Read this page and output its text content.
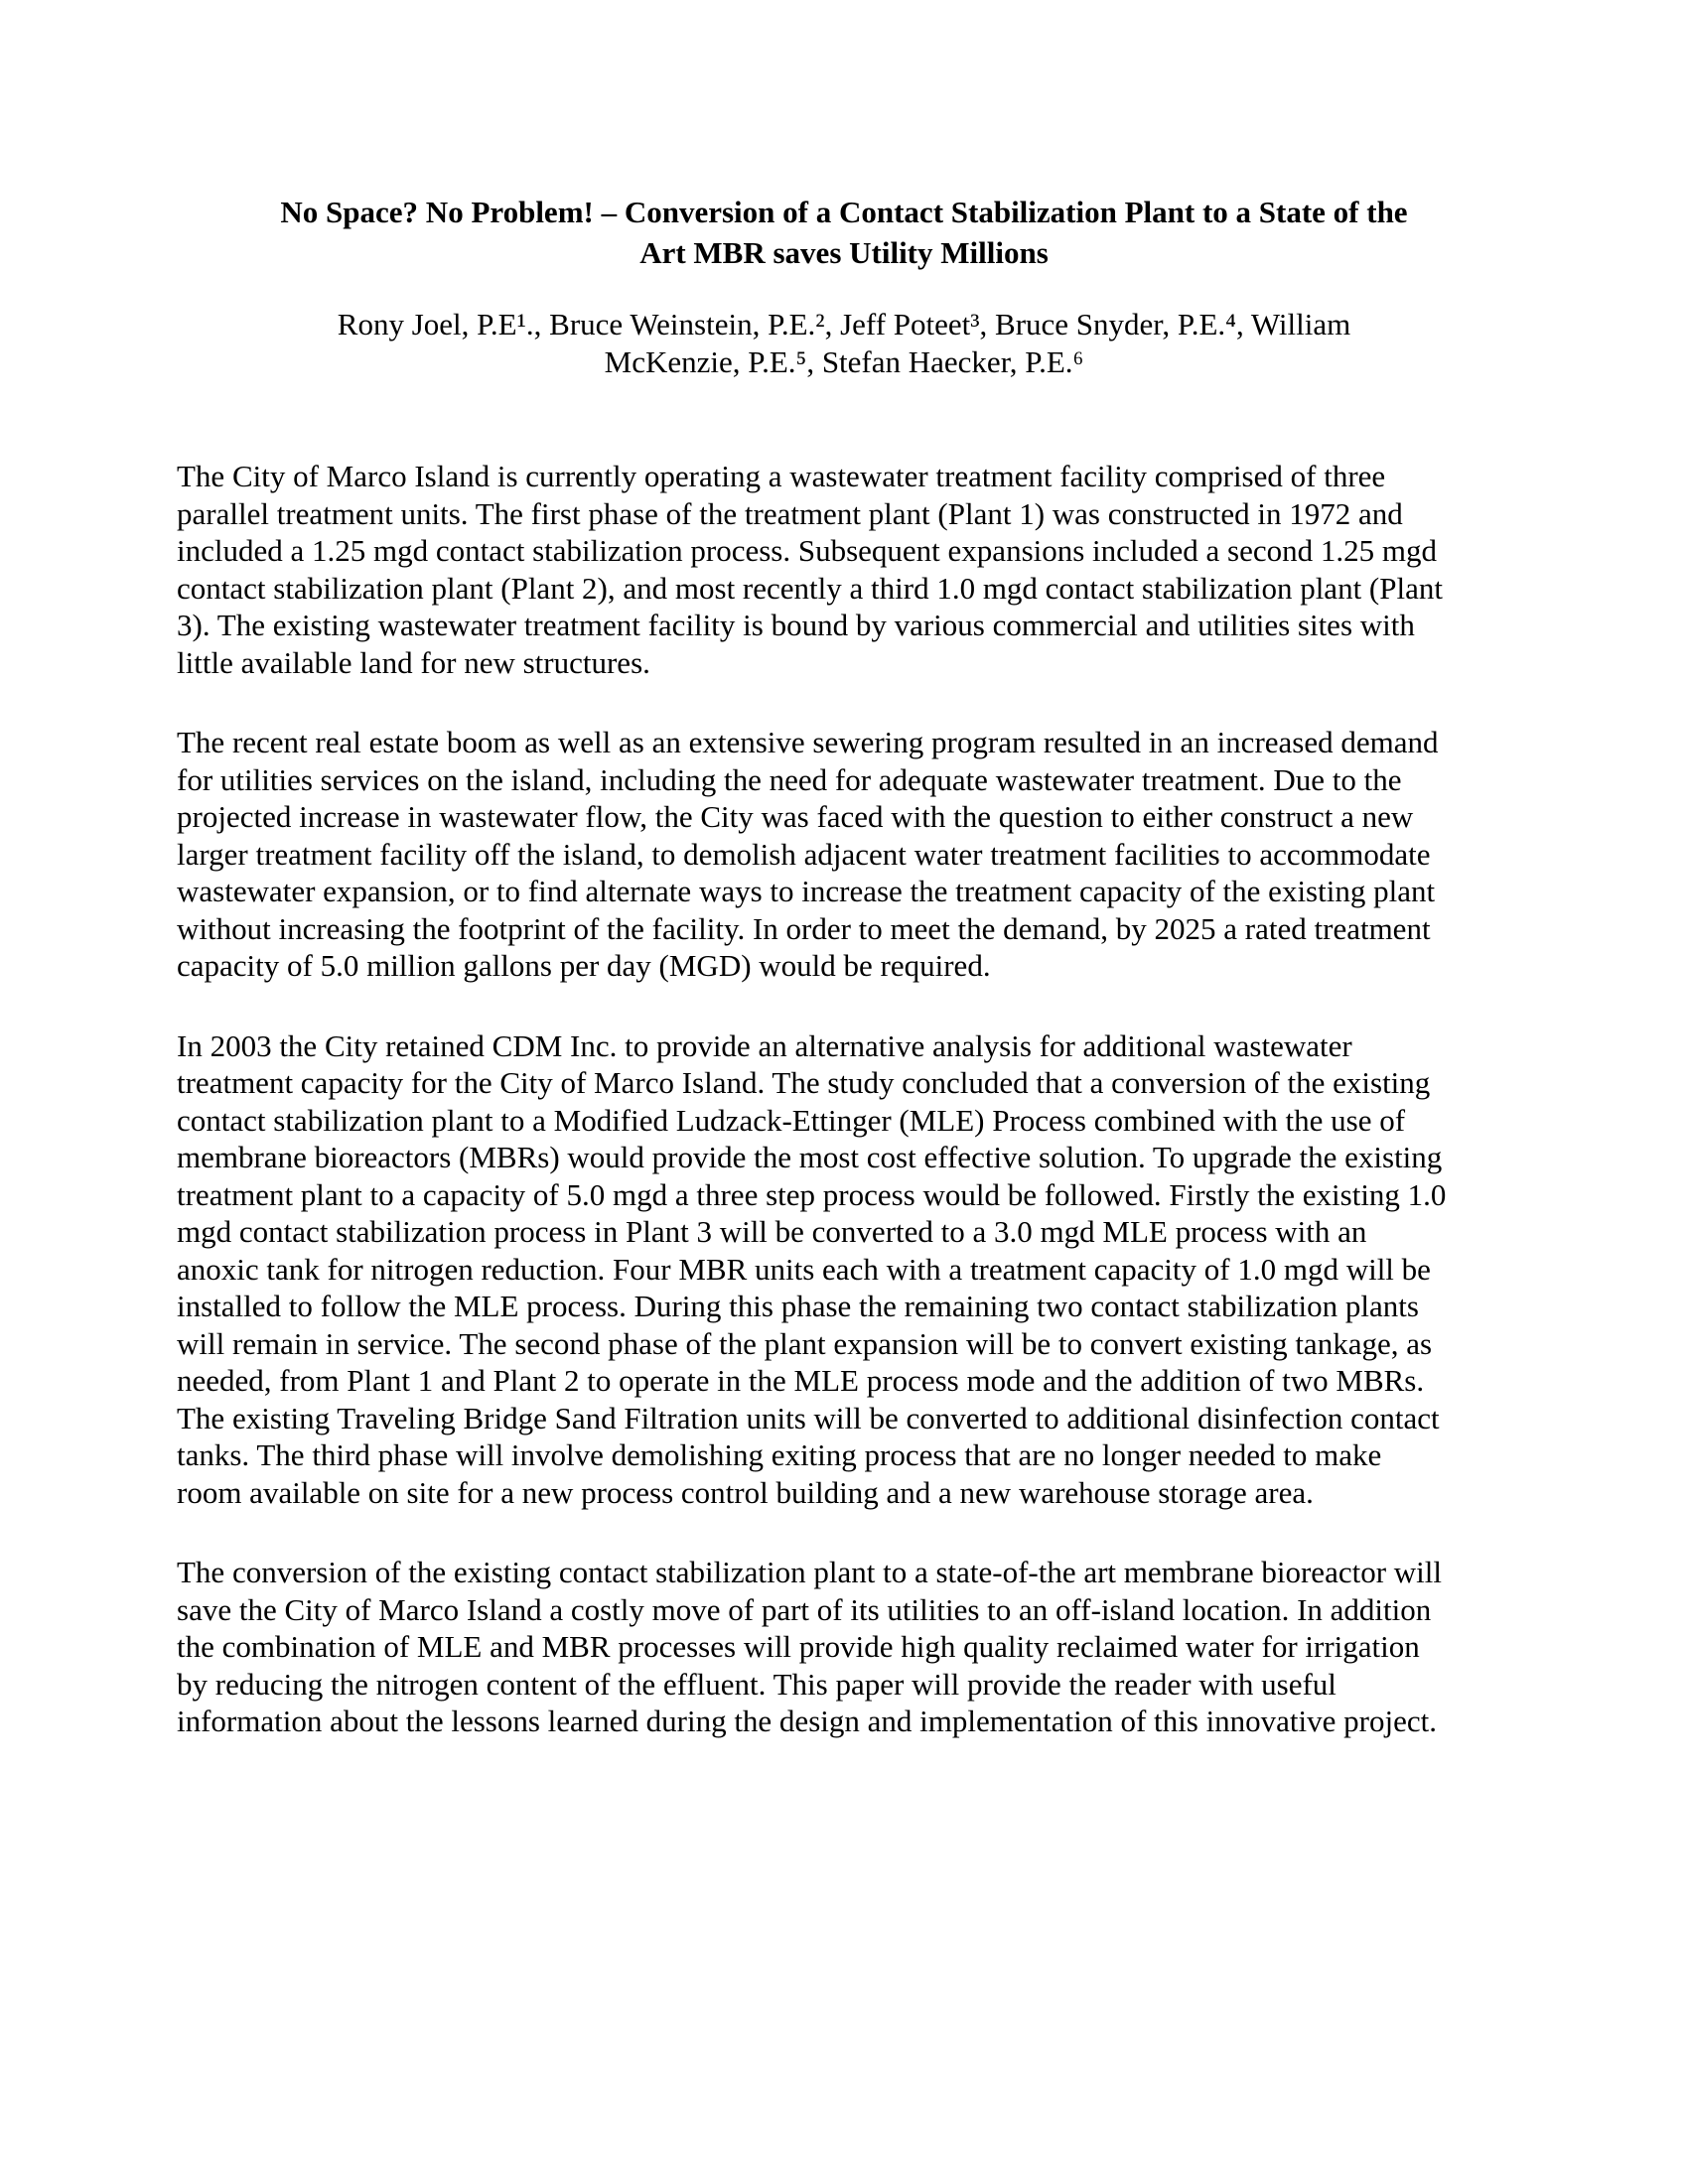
No Space? No Problem! – Conversion of a Contact Stabilization Plant to a State of the
Art MBR saves Utility Millions

Rony Joel, P.E¹., Bruce Weinstein, P.E.², Jeff Poteet³, Bruce Snyder, P.E.⁴, William
McKenzie, P.E.⁵, Stefan Haecker, P.E.⁶

The City of Marco Island is currently operating a wastewater treatment facility comprised of three parallel treatment units. The first phase of the treatment plant (Plant 1) was constructed in 1972 and included a 1.25 mgd contact stabilization process. Subsequent expansions included a second 1.25 mgd contact stabilization plant (Plant 2), and most recently a third 1.0 mgd contact stabilization plant (Plant 3). The existing wastewater treatment facility is bound by various commercial and utilities sites with little available land for new structures.

The recent real estate boom as well as an extensive sewering program resulted in an increased demand for utilities services on the island, including the need for adequate wastewater treatment. Due to the projected increase in wastewater flow, the City was faced with the question to either construct a new larger treatment facility off the island, to demolish adjacent water treatment facilities to accommodate wastewater expansion, or to find alternate ways to increase the treatment capacity of the existing plant without increasing the footprint of the facility. In order to meet the demand, by 2025 a rated treatment capacity of 5.0 million gallons per day (MGD) would be required.

In 2003 the City retained CDM Inc. to provide an alternative analysis for additional wastewater treatment capacity for the City of Marco Island. The study concluded that a conversion of the existing contact stabilization plant to a Modified Ludzack-Ettinger (MLE) Process combined with the use of membrane bioreactors (MBRs) would provide the most cost effective solution. To upgrade the existing treatment plant to a capacity of 5.0 mgd a three step process would be followed. Firstly the existing 1.0 mgd contact stabilization process in Plant 3 will be converted to a 3.0 mgd MLE process with an anoxic tank for nitrogen reduction. Four MBR units each with a treatment capacity of 1.0 mgd will be installed to follow the MLE process. During this phase the remaining two contact stabilization plants will remain in service. The second phase of the plant expansion will be to convert existing tankage, as needed, from Plant 1 and Plant 2 to operate in the MLE process mode and the addition of two MBRs. The existing Traveling Bridge Sand Filtration units will be converted to additional disinfection contact tanks. The third phase will involve demolishing exiting process that are no longer needed to make room available on site for a new process control building and a new warehouse storage area.

The conversion of the existing contact stabilization plant to a state-of-the art membrane bioreactor will save the City of Marco Island a costly move of part of its utilities to an off-island location. In addition the combination of MLE and MBR processes will provide high quality reclaimed water for irrigation by reducing the nitrogen content of the effluent. This paper will provide the reader with useful information about the lessons learned during the design and implementation of this innovative project.
